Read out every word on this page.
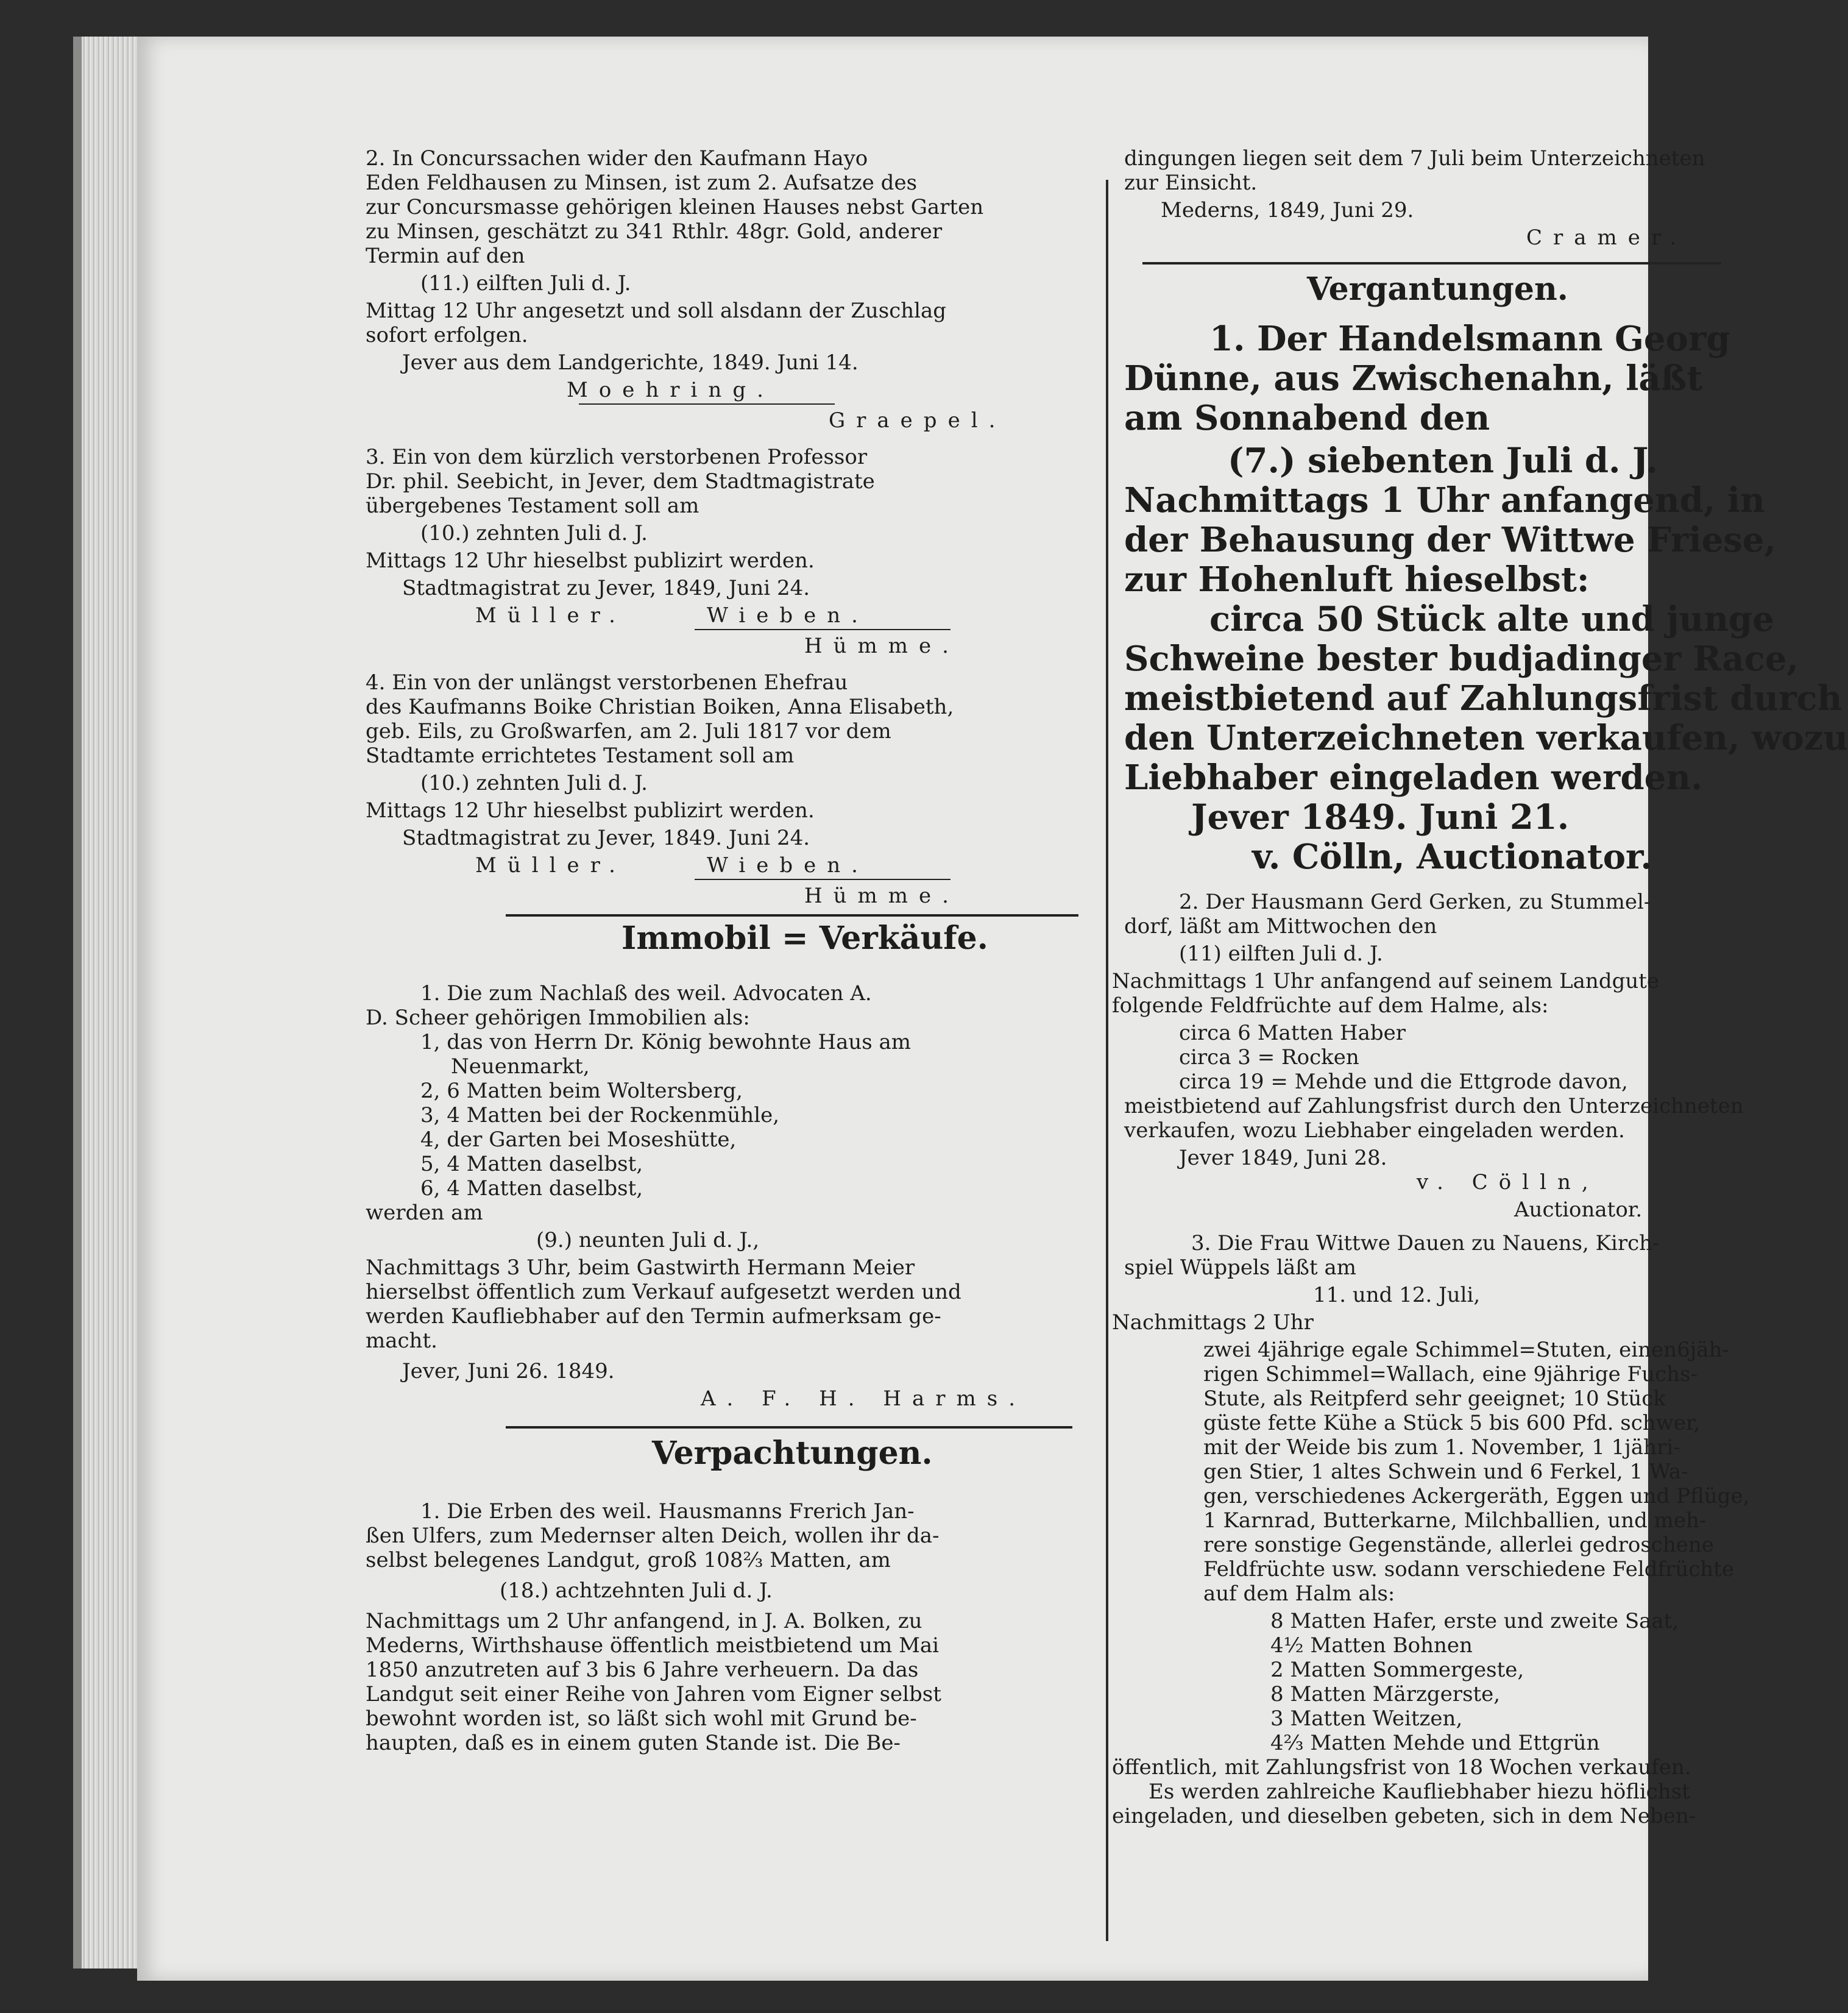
2. In Concurssachen wider den Kaufmann Hayo
Eden Feldhausen zu Minsen, ist zum 2. Aufsatze des
zur Concursmasse gehörigen kleinen Hauses nebst Garten
zu Minsen, geschätzt zu 341 Rthlr. 48gr. Gold, anderer
Termin auf den
(11.) eilften Juli d. J.
Mittag 12 Uhr angesetzt und soll alsdann der Zuschlag
sofort erfolgen.
Jever aus dem Landgerichte, 1849. Juni 14.
Moehring.
Graepel.
3. Ein von dem kürzlich verstorbenen Professor
Dr. phil. Seebicht, in Jever, dem Stadtmagistrate
übergebenes Testament soll am
(10.) zehnten Juli d. J.
Mittags 12 Uhr hieselbst publizirt werden.
Stadtmagistrat zu Jever, 1849, Juni 24.
Müller.	Wieben.
Hümme.
4. Ein von der unlängst verstorbenen Ehefrau
des Kaufmanns Boike Christian Boiken, Anna Elisabeth,
geb. Eils, zu Großwarfen, am 2. Juli 1817 vor dem
Stadtamte errichtetes Testament soll am
(10.) zehnten Juli d. J.
Mittags 12 Uhr hieselbst publizirt werden.
Stadtmagistrat zu Jever, 1849. Juni 24.
Müller.	Wieben.
Hümme.
Immobil = Verkäufe.
1. Die zum Nachlaß des weil. Advocaten A.
D. Scheer gehörigen Immobilien als:
1, das von Herrn Dr. König bewohnte Haus am
Neuenmarkt,
2, 6 Matten beim Woltersberg,
3, 4 Matten bei der Rockenmühle,
4, der Garten bei Moseshütte,
5, 4 Matten daselbst,
6, 4 Matten daselbst,
werden am
(9.) neunten Juli d. J.,
Nachmittags 3 Uhr, beim Gastwirth Hermann Meier
hierselbst öffentlich zum Verkauf aufgesetzt werden und
werden Kaufliebhaber auf den Termin aufmerksam ge-
macht.
Jever, Juni 26. 1849.
A. F. H. Harms.
Verpachtungen.
1. Die Erben des weil. Hausmanns Frerich Jan-
ßen Ulfers, zum Medernser alten Deich, wollen ihr da-
selbst belegenes Landgut, groß 108⅔ Matten, am
(18.) achtzehnten Juli d. J.
Nachmittags um 2 Uhr anfangend, in J. A. Bolken, zu
Mederns, Wirthshause öffentlich meistbietend um Mai
1850 anzutreten auf 3 bis 6 Jahre verheuern. Da das
Landgut seit einer Reihe von Jahren vom Eigner selbst
bewohnt worden ist, so läßt sich wohl mit Grund be-
haupten, daß es in einem guten Stande ist. Die Be-
dingungen liegen seit dem 7 Juli beim Unterzeichneten
zur Einsicht.
Mederns, 1849, Juni 29.
Cramer.
Vergantungen.
1. Der Handelsmann Georg
Dünne, aus Zwischenahn, läßt
am Sonnabend den
(7.) siebenten Juli d. J.
Nachmittags 1 Uhr anfangend, in
der Behausung der Wittwe Friese,
zur Hohenluft hieselbst:
circa 50 Stück alte und junge
Schweine bester budjadinger Race,
meistbietend auf Zahlungsfrist durch
den Unterzeichneten verkaufen, wozu
Liebhaber eingeladen werden.
Jever 1849. Juni 21.
v. Cölln, Auctionator.
2. Der Hausmann Gerd Gerken, zu Stummel-
dorf, läßt am Mittwochen den
(11) eilften Juli d. J.
Nachmittags 1 Uhr anfangend auf seinem Landgute
folgende Feldfrüchte auf dem Halme, als:
circa 6 Matten Haber
circa 3 = Rocken
circa 19 = Mehde und die Ettgrode davon,
meistbietend auf Zahlungsfrist durch den Unterzeichneten
verkaufen, wozu Liebhaber eingeladen werden.
Jever 1849, Juni 28.
v. Cölln,
Auctionator.
3. Die Frau Wittwe Dauen zu Nauens, Kirch-
spiel Wüppels läßt am
11. und 12. Juli,
Nachmittags 2 Uhr
zwei 4jährige egale Schimmel=Stuten, einen6jäh-
rigen Schimmel=Wallach, eine 9jährige Fuchs-
Stute, als Reitpferd sehr geeignet; 10 Stück
güste fette Kühe a Stück 5 bis 600 Pfd. schwer,
mit der Weide bis zum 1. November, 1 1jähri-
gen Stier, 1 altes Schwein und 6 Ferkel, 1 Wa-
gen, verschiedenes Ackergeräth, Eggen und Pflüge,
1 Karnrad, Butterkarne, Milchballien, und meh-
rere sonstige Gegenstände, allerlei gedroschene
Feldfrüchte usw. sodann verschiedene Feldfrüchte
auf dem Halm als:
8 Matten Hafer, erste und zweite Saat,
4½ Matten Bohnen
2 Matten Sommergeste,
8 Matten Märzgerste,
3 Matten Weitzen,
4⅔ Matten Mehde und Ettgrün
öffentlich, mit Zahlungsfrist von 18 Wochen verkaufen.
Es werden zahlreiche Kaufliebhaber hiezu höflichst
eingeladen, und dieselben gebeten, sich in dem Neben-
